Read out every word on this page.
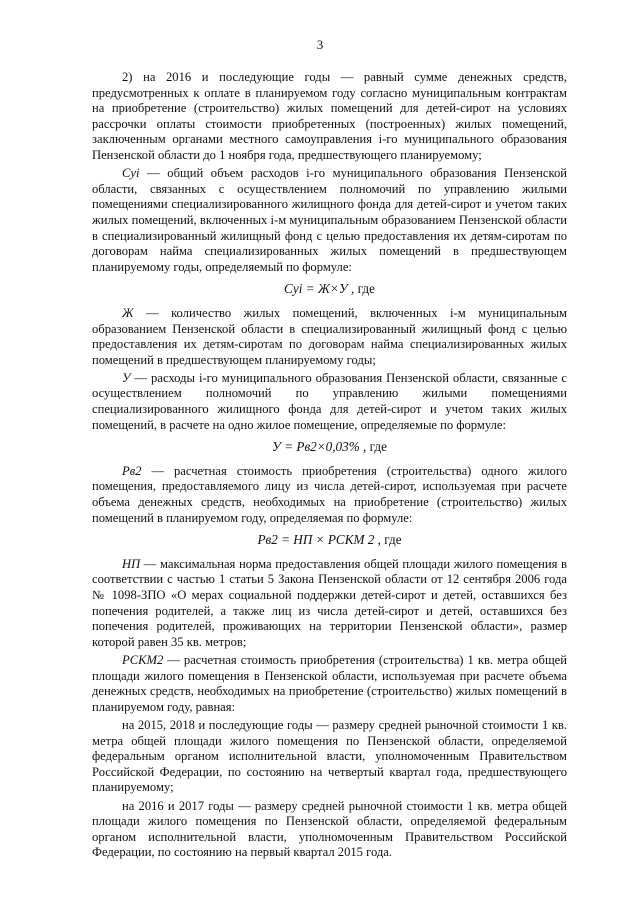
3

2) на 2016 и последующие годы — равный сумме денежных средств, предусмотренных к оплате в планируемом году согласно муниципальным контрактам на приобретение (строительство) жилых помещений для детей-сирот на условиях рассрочки оплаты стоимости приобретенных (построенных) жилых помещений, заключенным органами местного самоуправления i-го муниципального образования Пензенской области до 1 ноября года, предшествующего планируемому;

Cyi — общий объем расходов i-го муниципального образования Пензенской области, связанных с осуществлением полномочий по управлению жилыми помещениями специализированного жилищного фонда для детей-сирот и учетом таких жилых помещений, включенных i-м муниципальным образованием Пензенской области в специализированный жилищный фонд с целью предоставления их детям-сиротам по договорам найма специализированных жилых помещений в предшествующем планируемому годы, определяемый по формуле:

Cyi = Ж×У , где

Ж — количество жилых помещений, включенных i-м муниципальным образованием Пензенской области в специализированный жилищный фонд с целью предоставления их детям-сиротам по договорам найма специализированных жилых помещений в предшествующем планируемому годы;

У — расходы i-го муниципального образования Пензенской области, связанные с осуществлением полномочий по управлению жилыми помещениями специализированного жилищного фонда для детей-сирот и учетом таких жилых помещений, в расчете на одно жилое помещение, определяемые по формуле:

У = Рв2×0,03% , где

Рв2 — расчетная стоимость приобретения (строительства) одного жилого помещения, предоставляемого лицу из числа детей-сирот, используемая при расчете объема денежных средств, необходимых на приобретение (строительство) жилых помещений в планируемом году, определяемая по формуле:

Рв2 = НП × РСКМ 2 , где

НП — максимальная норма предоставления общей площади жилого помещения в соответствии с частью 1 статьи 5 Закона Пензенской области от 12 сентября 2006 года № 1098-ЗПО «О мерах социальной поддержки детей-сирот и детей, оставшихся без попечения родителей, а также лиц из числа детей-сирот и детей, оставшихся без попечения родителей, проживающих на территории Пензенской области», размер которой равен 35 кв. метров;

РСКМ2 — расчетная стоимость приобретения (строительства) 1 кв. метра общей площади жилого помещения в Пензенской области, используемая при расчете объема денежных средств, необходимых на приобретение (строительство) жилых помещений в планируемом году, равная:

на 2015, 2018 и последующие годы — размеру средней рыночной стоимости 1 кв. метра общей площади жилого помещения по Пензенской области, определяемой федеральным органом исполнительной власти, уполномоченным Правительством Российской Федерации, по состоянию на четвертый квартал года, предшествующего планируемому;

на 2016 и 2017 годы — размеру средней рыночной стоимости 1 кв. метра общей площади жилого помещения по Пензенской области, определяемой федеральным органом исполнительной власти, уполномоченным Правительством Российской Федерации, по состоянию на первый квартал 2015 года.
